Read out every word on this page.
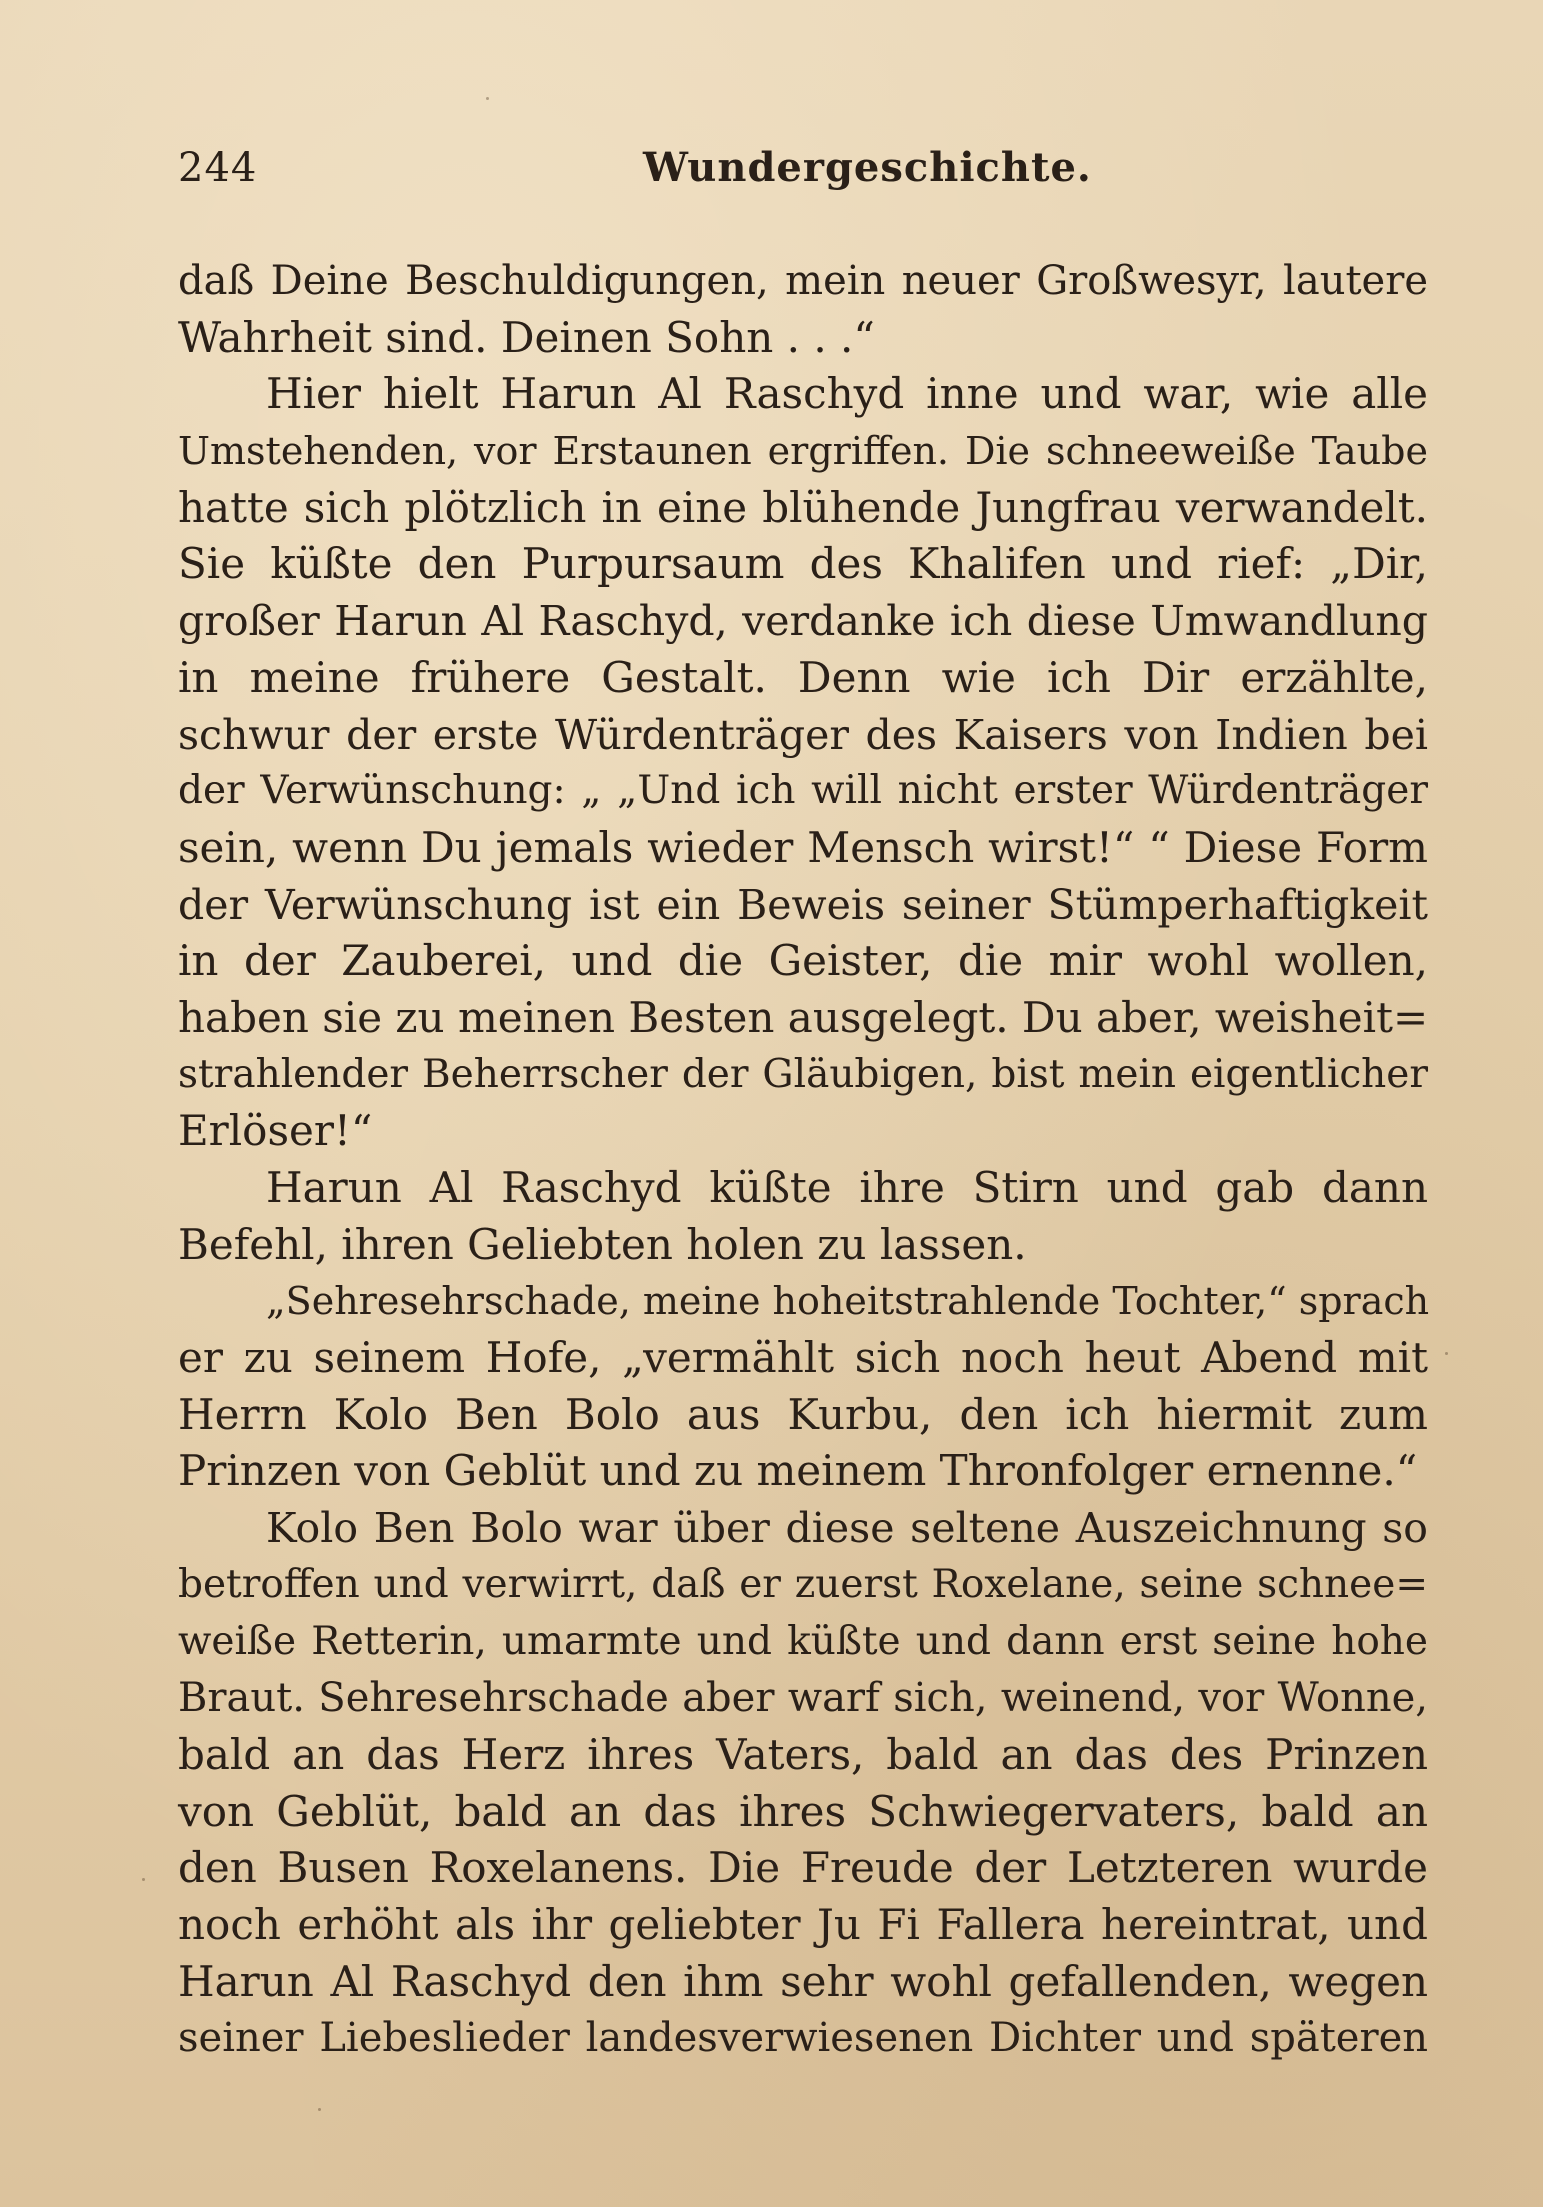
244	Wundergeschichte.
daß Deine Beschuldigungen, mein neuer Großwesyr, lautere
Wahrheit sind. Deinen Sohn . . .“
Hier hielt Harun Al Raschyd inne und war, wie alle
Umstehenden, vor Erstaunen ergriffen. Die schneeweiße Taube
hatte sich plötzlich in eine blühende Jungfrau verwandelt.
Sie küßte den Purpursaum des Khalifen und rief: „Dir,
großer Harun Al Raschyd, verdanke ich diese Umwandlung
in meine frühere Gestalt. Denn wie ich Dir erzählte,
schwur der erste Würdenträger des Kaisers von Indien bei
der Verwünschung: „ „Und ich will nicht erster Würdenträger
sein, wenn Du jemals wieder Mensch wirst!“ “ Diese Form
der Verwünschung ist ein Beweis seiner Stümperhaftigkeit
in der Zauberei, und die Geister, die mir wohl wollen,
haben sie zu meinen Besten ausgelegt. Du aber, weisheit=
strahlender Beherrscher der Gläubigen, bist mein eigentlicher
Erlöser!“
Harun Al Raschyd küßte ihre Stirn und gab dann
Befehl, ihren Geliebten holen zu lassen.
„Sehresehrschade, meine hoheitstrahlende Tochter,“ sprach
er zu seinem Hofe, „vermählt sich noch heut Abend mit
Herrn Kolo Ben Bolo aus Kurbu, den ich hiermit zum
Prinzen von Geblüt und zu meinem Thronfolger ernenne.“
Kolo Ben Bolo war über diese seltene Auszeichnung so
betroffen und verwirrt, daß er zuerst Roxelane, seine schnee=
weiße Retterin, umarmte und küßte und dann erst seine hohe
Braut. Sehresehrschade aber warf sich, weinend, vor Wonne,
bald an das Herz ihres Vaters, bald an das des Prinzen
von Geblüt, bald an das ihres Schwiegervaters, bald an
den Busen Roxelanens. Die Freude der Letzteren wurde
noch erhöht als ihr geliebter Ju Fi Fallera hereintrat, und
Harun Al Raschyd den ihm sehr wohl gefallenden, wegen
seiner Liebeslieder landesverwiesenen Dichter und späteren
